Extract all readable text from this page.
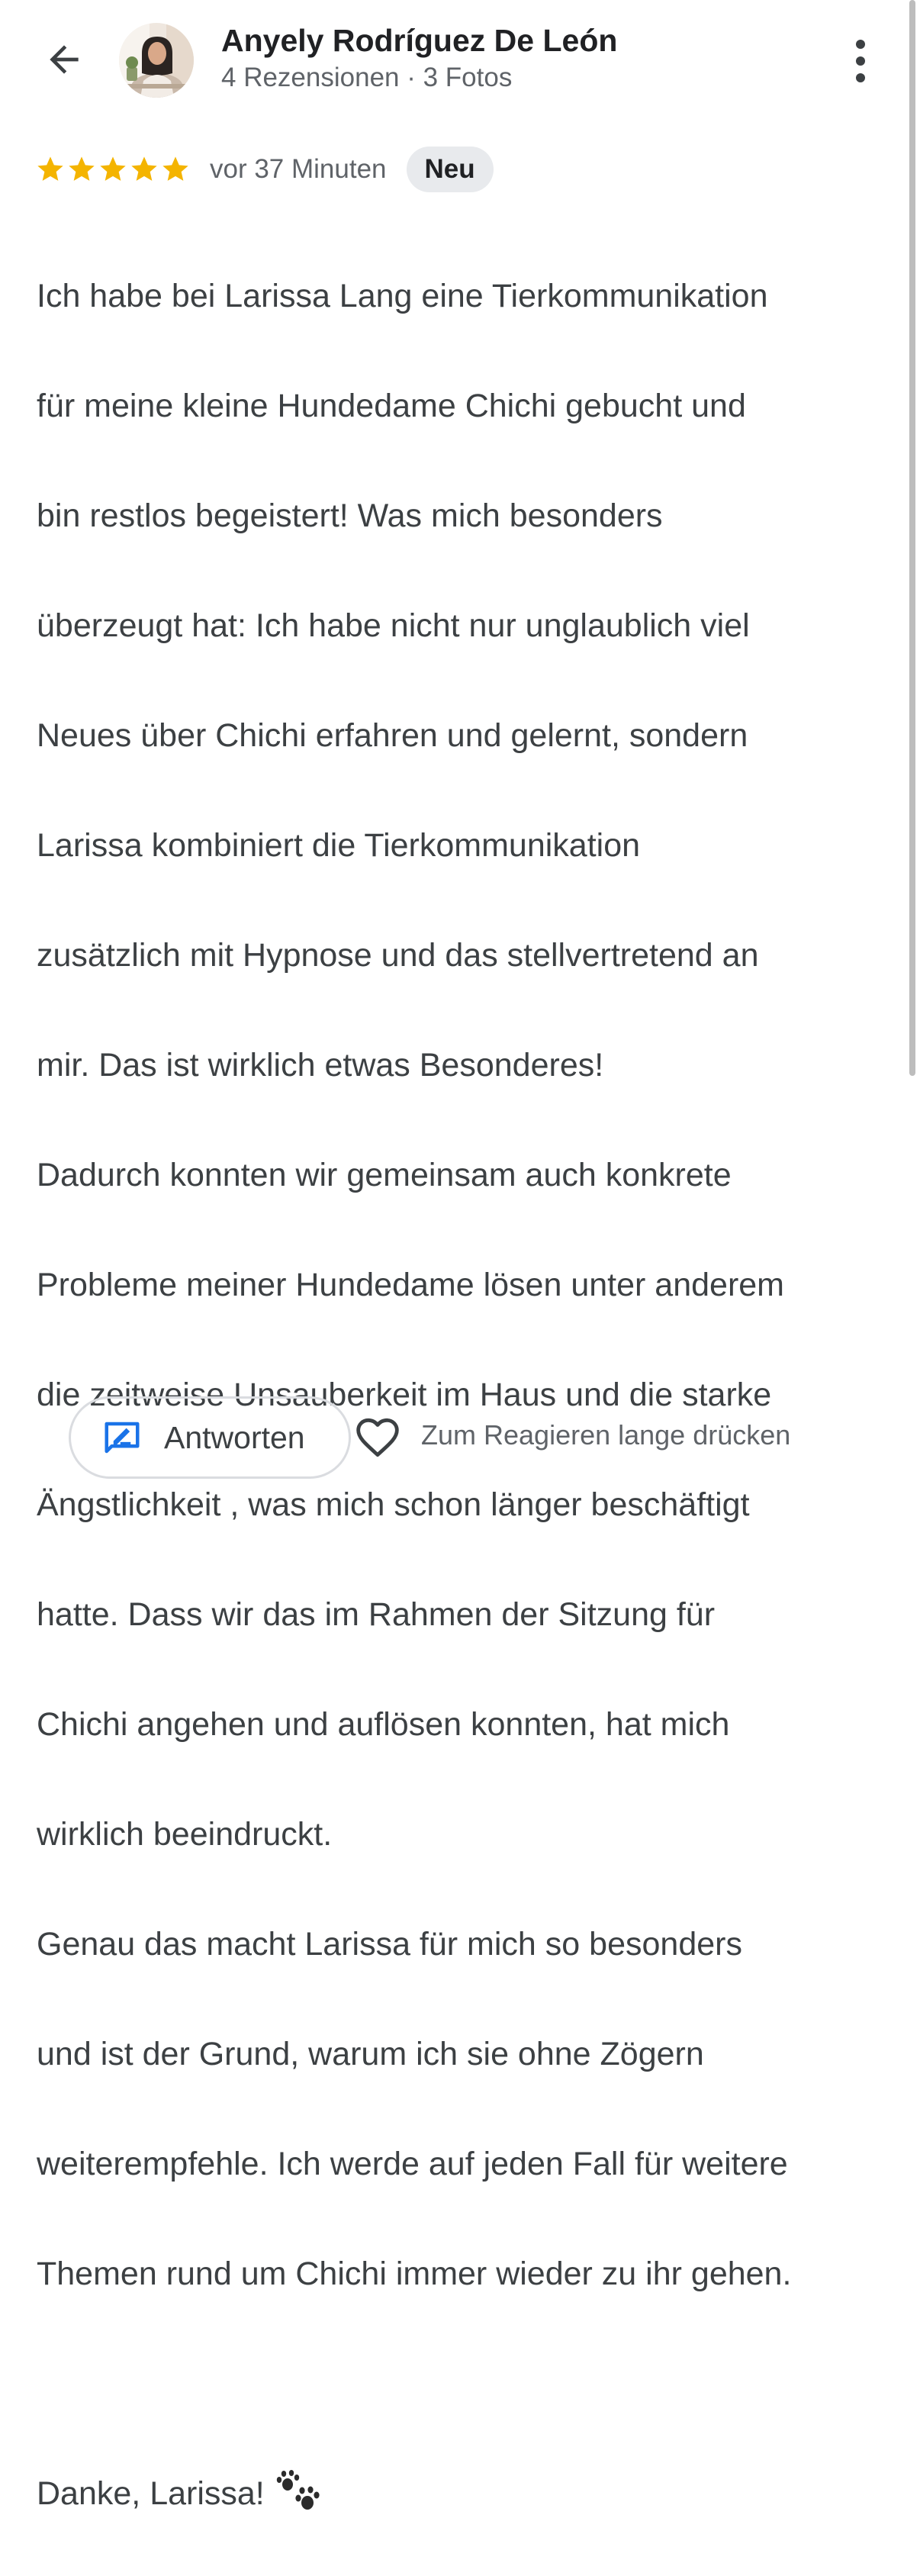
Anyely Rodríguez De León
4 Rezensionen · 3 Fotos
vor 37 Minuten	Neu

Ich habe bei Larissa Lang eine Tierkommunikation

für meine kleine Hundedame Chichi gebucht und

bin restlos begeistert! Was mich besonders

überzeugt hat: Ich habe nicht nur unglaublich viel

Neues über Chichi erfahren und gelernt, sondern

Larissa kombiniert die Tierkommunikation

zusätzlich mit Hypnose und das stellvertretend an

mir. Das ist wirklich etwas Besonderes!

Dadurch konnten wir gemeinsam auch konkrete

Probleme meiner Hundedame lösen unter anderem

die zeitweise Unsauberkeit im Haus und die starke

Ängstlichkeit , was mich schon länger beschäftigt

hatte. Dass wir das im Rahmen der Sitzung für

Chichi angehen und auflösen konnten, hat mich

wirklich beeindruckt.

Genau das macht Larissa für mich so besonders

und ist der Grund, warum ich sie ohne Zögern

weiterempfehle. Ich werde auf jeden Fall für weitere

Themen rund um Chichi immer wieder zu ihr gehen.

Danke, Larissa!

Antworten	Zum Reagieren lange drücken
